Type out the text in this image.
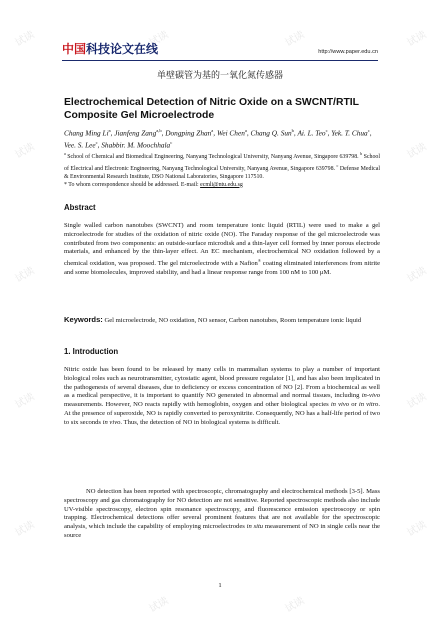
试读	试读	试读	试读
试读	试读
试读	试读
试读	试读
试读	试读
试读	试读
中国科技论文在线	http://www.paper.edu.cn
单壁碳管为基的一氧化氮传感器
Electrochemical Detection of Nitric Oxide on a SWCNT/RTIL Composite Gel Microelectrode
Chang Ming Li$^a$, Jianfeng Zang$^{a,b}$, Dongping Zhan$^a$, Wei Chen$^a$, Chang Q. Sun$^b$, Ai. L. Teo$^c$, Yek. T. Chua$^c$, Vee. S. Lee$^c$, Shabbir. M. Moochhala$^c$
$^a$ School of Chemical and Biomedical Engineering, Nanyang Technological University, Nanyang Avenue, Singapore 639798. $^b$ School of Electrical and Electronic Engineering, Nanyang Technological University, Nanyang Avenue, Singapore 639798. $^c$ Defense Medical & Environmental Research Institute, DSO National Laboratories, Singapore 117510.
* To whom correspondence should be addressed. E-mail: ecmli@ntu.edu.sg
Abstract
Single walled carbon nanotubes (SWCNT) and room temperature ionic liquid (RTIL) were used to make a gel microelectrode for studies of the oxidation of nitric oxide (NO). The Faraday response of the gel microelectrode was contributed from two components: an outside-surface microdisk and a thin-layer cell formed by inner porous electrode materials, and enhanced by the thin-layer effect. An EC mechanism, electrochemical NO oxidation followed by a chemical oxidation, was proposed. The gel microelectrode with a Nafion® coating eliminated interferences from nitrite and some biomolecules, improved stability, and had a linear response range from 100 nM to 100 μM.
Keywords: Gel microelectrode, NO oxidation, NO sensor, Carbon nanotubes, Room temperature ionic liquid
1. Introduction
Nitric oxide has been found to be released by many cells in mammalian systems to play a number of important biological roles such as neurotransmitter, cytostatic agent, blood pressure regulator [1], and has also been implicated in the pathogenesis of several diseases, due to deficiency or excess concentration of NO [2]. From a biochemical as well as a medical perspective, it is important to quantify NO generated in abnormal and normal tissues, including in-vivo measurements. However, NO reacts rapidly with hemoglobin, oxygen and other biological species in vivo or in vitro. At the presence of superoxide, NO is rapidly converted to peroxynitrite. Consequently, NO has a half-life period of two to six seconds in vivo. Thus, the detection of NO in biological systems is difficult.
NO detection has been reported with spectroscopic, chromatography and electrochemical methods [3-5]. Mass spectroscopy and gas chromatography for NO detection are not sensitive. Reported spectroscopic methods also include UV-visible spectroscopy, electron spin resonance spectroscopy, and fluorescence emission spectroscopy or spin trapping. Electrochemical detections offer several prominent features that are not available for the spectroscopic analysis, which include the capability of employing microelectrodes in situ measurement of NO in single cells near the source
1
